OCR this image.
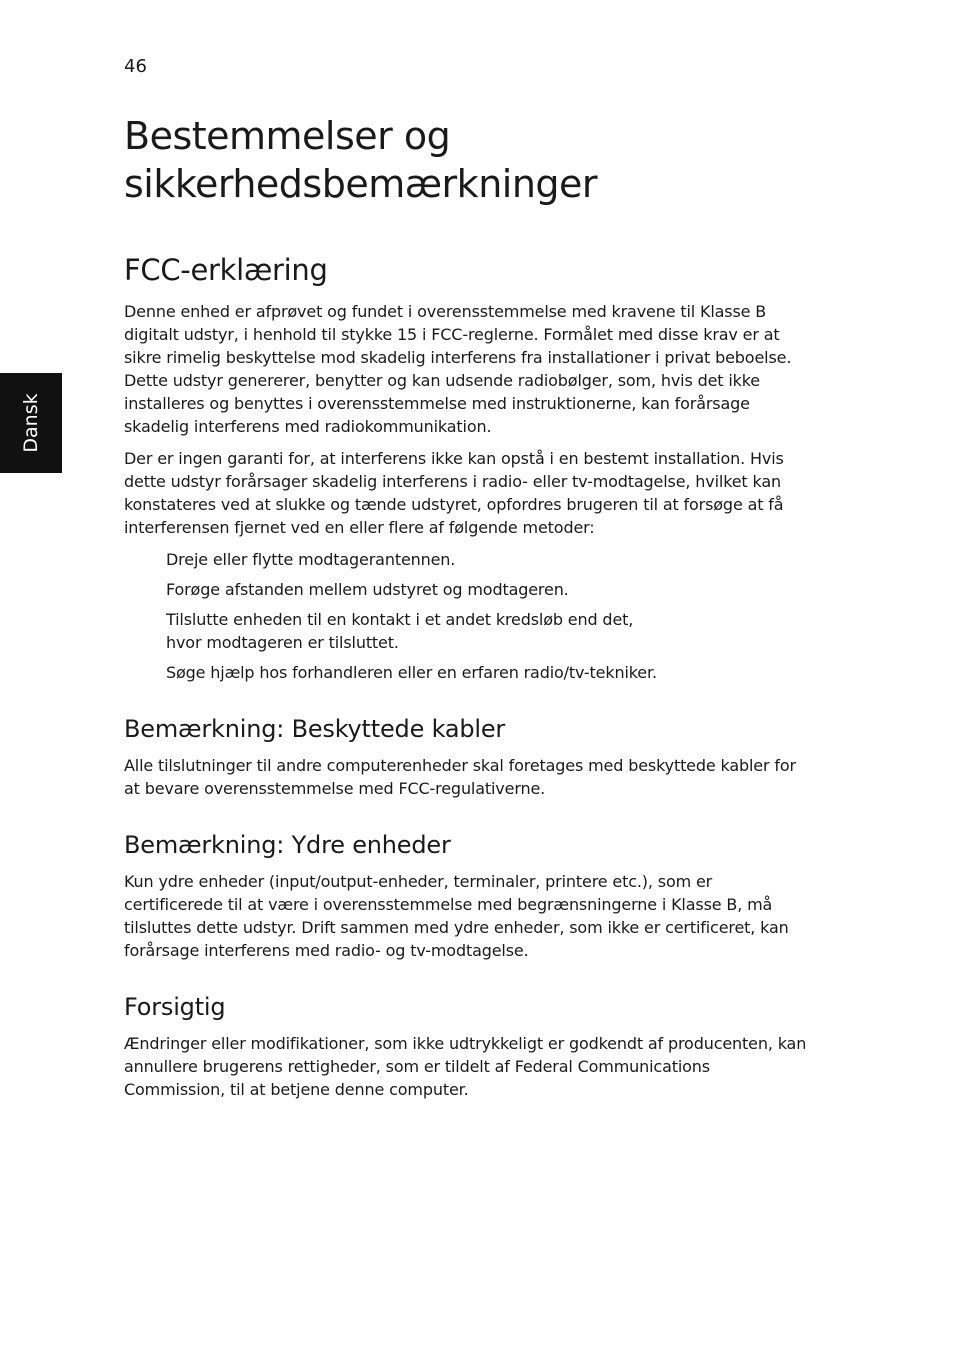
46
Dansk
Bestemmelser og sikkerhedsbemærkninger
FCC-erklæring

Denne enhed er afprøvet og fundet i overensstemmelse med kravene til Klasse B digitalt udstyr, i henhold til stykke 15 i FCC-reglerne. Formålet med disse krav er at sikre rimelig beskyttelse mod skadelig interferens fra installationer i privat beboelse. Dette udstyr genererer, benytter og kan udsende radiobølger, som, hvis det ikke installeres og benyttes i overensstemmelse med instruktionerne, kan forårsage skadelig interferens med radiokommunikation.

Der er ingen garanti for, at interferens ikke kan opstå i en bestemt installation. Hvis dette udstyr forårsager skadelig interferens i radio- eller tv-modtagelse, hvilket kan konstateres ved at slukke og tænde udstyret, opfordres brugeren til at forsøge at få interferensen fjernet ved en eller flere af følgende metoder:

Dreje eller flytte modtagerantennen.
Forøge afstanden mellem udstyret og modtageren.
Tilslutte enheden til en kontakt i et andet kredsløb end det,
hvor modtageren er tilsluttet.
Søge hjælp hos forhandleren eller en erfaren radio/tv-tekniker.
Bemærkning: Beskyttede kabler

Alle tilslutninger til andre computerenheder skal foretages med beskyttede kabler for at bevare overensstemmelse med FCC-regulativerne.

Bemærkning: Ydre enheder

Kun ydre enheder (input/output-enheder, terminaler, printere etc.), som er certificerede til at være i overensstemmelse med begrænsningerne i Klasse B, må tilsluttes dette udstyr. Drift sammen med ydre enheder, som ikke er certificeret, kan forårsage interferens med radio- og tv-modtagelse.

Forsigtig

Ændringer eller modifikationer, som ikke udtrykkeligt er godkendt af producenten, kan annullere brugerens rettigheder, som er tildelt af Federal Communications Commission, til at betjene denne computer.
